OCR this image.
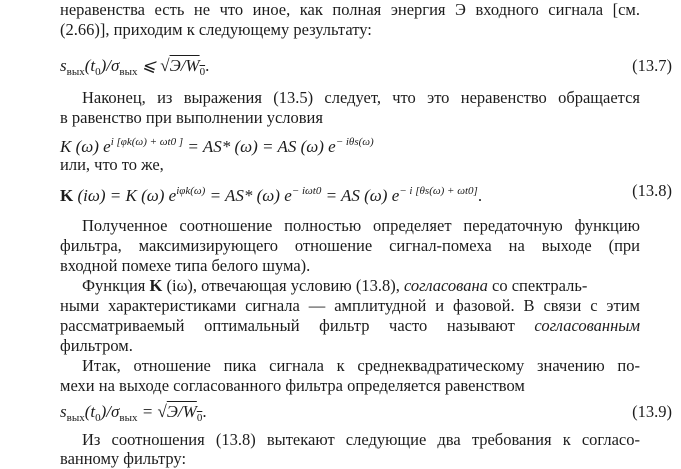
неравенства есть не что иное, как полная энергия Э входного сигнала [см.

(2.66)], приходим к следующему результату:

$s_{вых}(t_0)/\sigma_{вых}$ ⩽ $√Э/W_0$.	(13.7)

Наконец, из выражения (13.5) следует, что это неравенство обращается

в равенство при выполнении условия

K (ω) $e^{i [\varphi k(\omega) + \omega t0 ]} = AS*$ (ω) = AS (ω) $e^{- i\theta s(\omega)}$

или, что то же,

K (iω) = K (ω) $e^{i\varphi k(\omega)} = AS*$ (ω) $e^{- i\omega t0}$ = AS (ω) $e^{- i [\theta s(\omega) + \omega t0]}$.	(13.8)

Полученное соотношение полностью определяет передаточную функцию

фильтра, максимизирующего отношение сигнал-помеха на выходе (при

входной помехе типа белого шума).

Функция K (iω), отвечающая условию (13.8), согласована со спектраль-

ными характеристиками сигнала — амплитудной и фазовой. В связи с этим

рассматриваемый оптимальный фильтр часто называют согласованным

фильтром.

Итак, отношение пика сигнала к среднеквадратическому значению по-

мехи на выходе согласованного фильтра определяется равенством

$s_{вых}(t_0)/\sigma_{вых} = √Э/W_0$.	(13.9)

Из соотношения (13.8) вытекают следующие два требования к согласо-

ванному фильтру:
